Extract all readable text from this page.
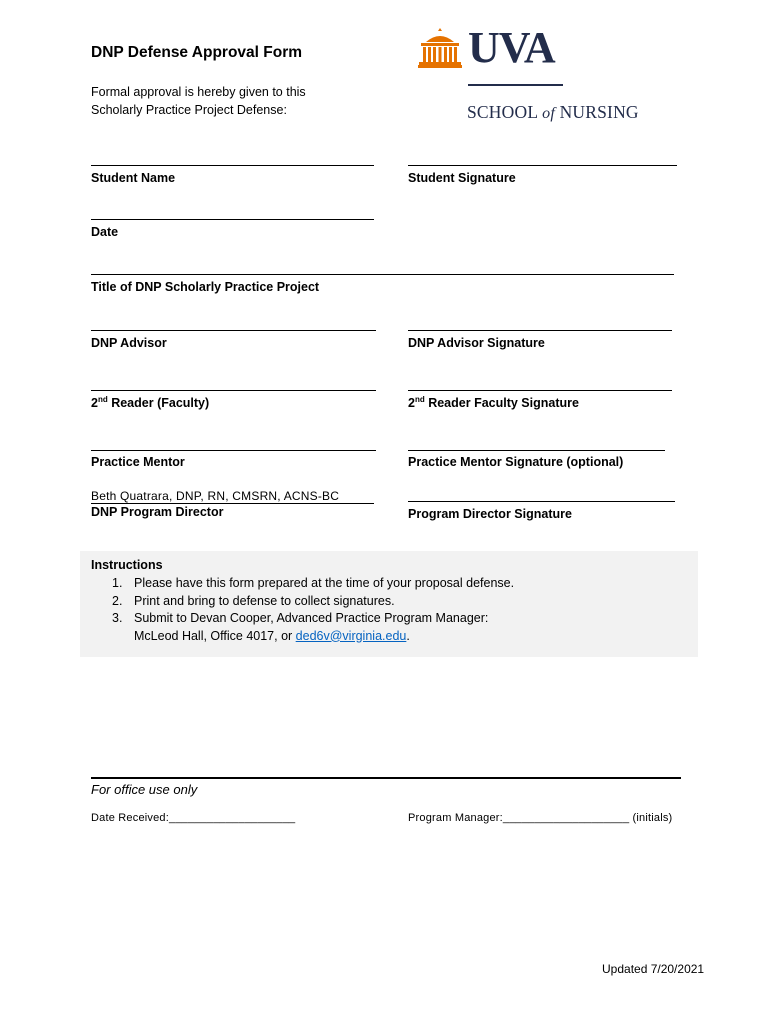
DNP Defense Approval Form
Formal approval is hereby given to this
Scholarly Practice Project Defense:
UVA
SCHOOL of NURSING
Student Name	Student Signature
Date
Title of DNP Scholarly Practice Project
DNP Advisor	DNP Advisor Signature
2nd Reader (Faculty)	2nd Reader Faculty Signature
Practice Mentor	Practice Mentor Signature (optional)
Beth Quatrara, DNP, RN, CMSRN, ACNS-BC
DNP Program Director	Program Director Signature
Instructions
1. Please have this form prepared at the time of your proposal defense.
2. Print and bring to defense to collect signatures.
3. Submit to Devan Cooper, Advanced Practice Program Manager:
McLeod Hall, Office 4017, or ded6v@virginia.edu.
For office use only
Date Received:____________________	Program Manager:____________________ (initials)
Updated 7/20/2021
